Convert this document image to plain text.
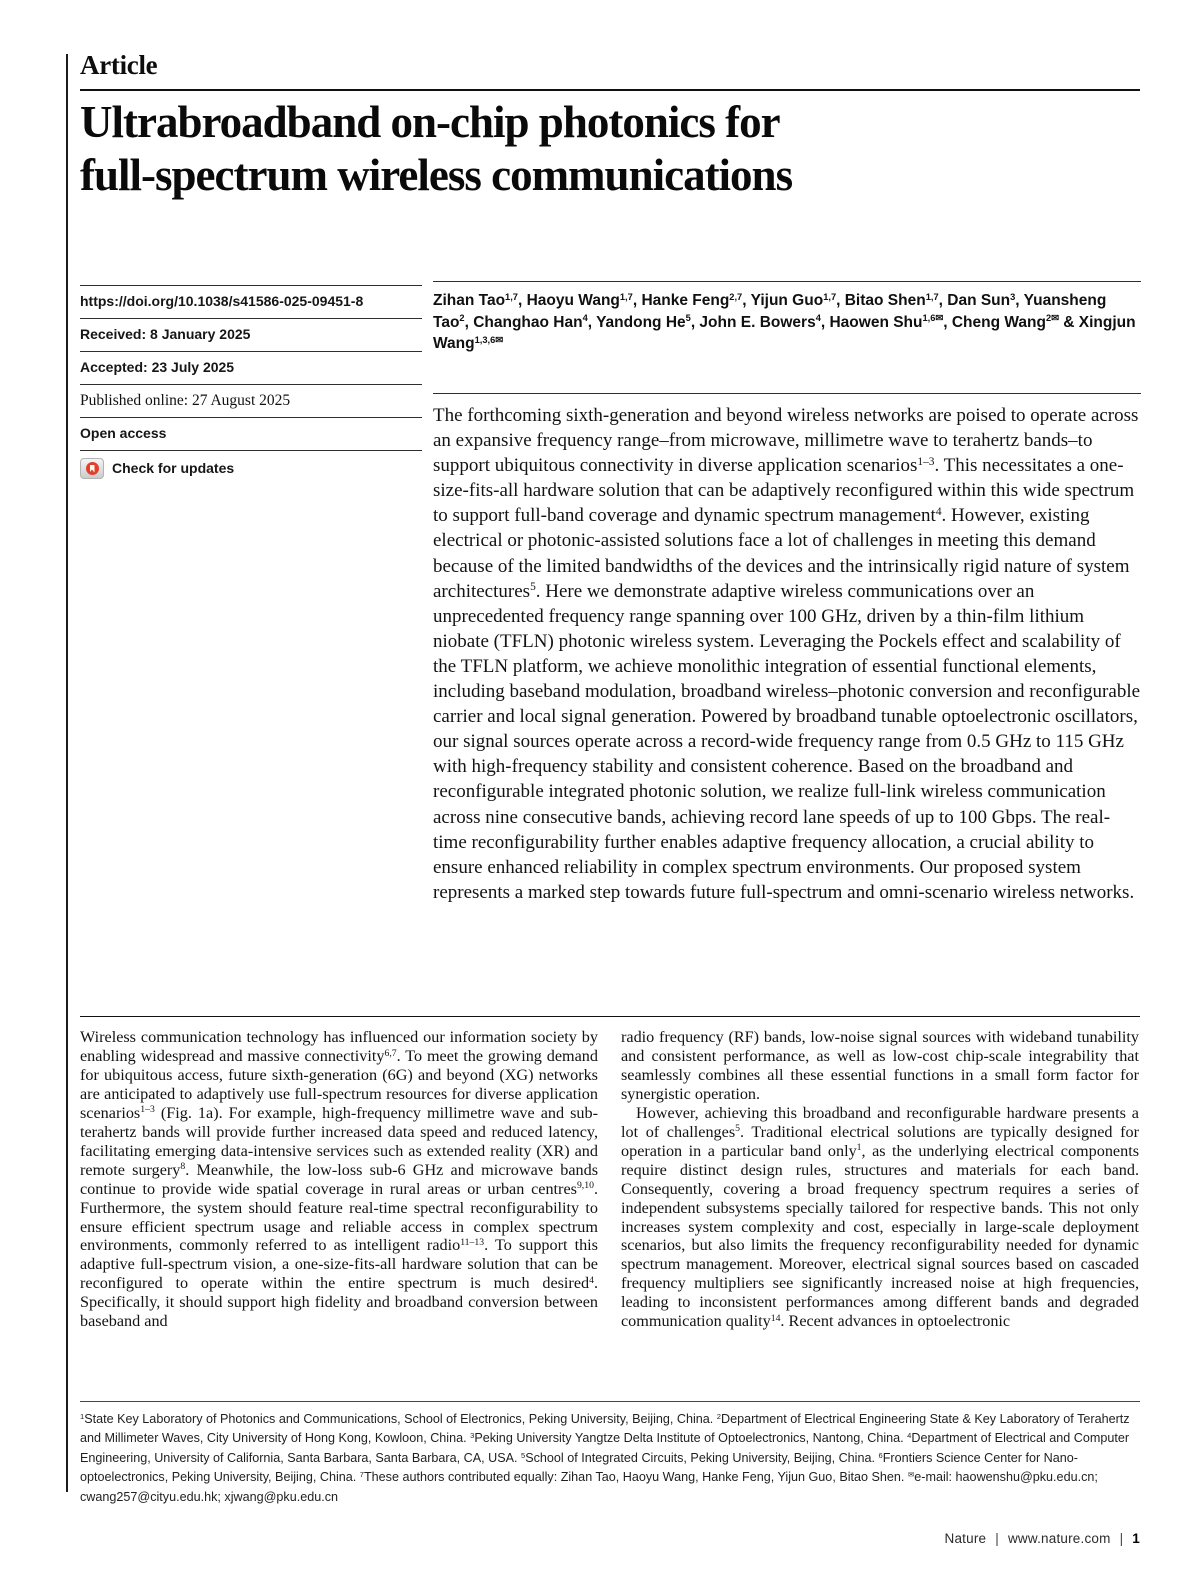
Article
Ultrabroadband on-chip photonics for
full-spectrum wireless communications
https://doi.org/10.1038/s41586-025-09451-8
Received: 8 January 2025
Accepted: 23 July 2025
Published online: 27 August 2025
Open access
Check for updates
Zihan Tao$^{1,7}$, Haoyu Wang$^{1,7}$, Hanke Feng$^{2,7}$, Yijun Guo$^{1,7}$, Bitao Shen$^{1,7}$, Dan Sun$^3$, Yuansheng Tao$^2$, Changhao Han$^4$, Yandong He$^5$, John E. Bowers$^4$, Haowen Shu$^{1,6✉}$, Cheng Wang$^{2✉}$ & Xingjun Wang$^{1,3,6✉}$
The forthcoming sixth-generation and beyond wireless networks are poised to operate across an expansive frequency range–from microwave, millimetre wave to terahertz bands–to support ubiquitous connectivity in diverse application scenarios$^{1-3}$. This necessitates a one-size-fits-all hardware solution that can be adaptively reconfigured within this wide spectrum to support full-band coverage and dynamic spectrum management$^4$. However, existing electrical or photonic-assisted solutions face a lot of challenges in meeting this demand because of the limited bandwidths of the devices and the intrinsically rigid nature of system architectures$^5$. Here we demonstrate adaptive wireless communications over an unprecedented frequency range spanning over 100 GHz, driven by a thin-film lithium niobate (TFLN) photonic wireless system. Leveraging the Pockels effect and scalability of the TFLN platform, we achieve monolithic integration of essential functional elements, including baseband modulation, broadband wireless–photonic conversion and reconfigurable carrier and local signal generation. Powered by broadband tunable optoelectronic oscillators, our signal sources operate across a record-wide frequency range from 0.5 GHz to 115 GHz with high-frequency stability and consistent coherence. Based on the broadband and reconfigurable integrated photonic solution, we realize full-link wireless communication across nine consecutive bands, achieving record lane speeds of up to 100 Gbps. The real-time reconfigurability further enables adaptive frequency allocation, a crucial ability to ensure enhanced reliability in complex spectrum environments. Our proposed system represents a marked step towards future full-spectrum and omni-scenario wireless networks.

Wireless communication technology has influenced our information society by enabling widespread and massive connectivity$^{6,7}$. To meet the growing demand for ubiquitous access, future sixth-generation (6G) and beyond (XG) networks are anticipated to adaptively use full-spectrum resources for diverse application scenarios$^{1-3}$ (Fig. 1a). For example, high-frequency millimetre wave and sub-terahertz bands will provide further increased data speed and reduced latency, facilitating emerging data-intensive services such as extended reality (XR) and remote surgery$^8$. Meanwhile, the low-loss sub-6 GHz and microwave bands continue to provide wide spatial coverage in rural areas or urban centres$^{9,10}$. Furthermore, the system should feature real-time spectral reconfigurability to ensure efficient spectrum usage and reliable access in complex spectrum environments, commonly referred to as intelligent radio$^{11-13}$. To support this adaptive full-spectrum vision, a one-size-fits-all hardware solution that can be reconfigured to operate within the entire spectrum is much desired$^4$. Specifically, it should support high fidelity and broadband conversion between baseband and

radio frequency (RF) bands, low-noise signal sources with wideband tunability and consistent performance, as well as low-cost chip-scale integrability that seamlessly combines all these essential functions in a small form factor for synergistic operation.

However, achieving this broadband and reconfigurable hardware presents a lot of challenges$^5$. Traditional electrical solutions are typically designed for operation in a particular band only$^1$, as the underlying electrical components require distinct design rules, structures and materials for each band. Consequently, covering a broad frequency spectrum requires a series of independent subsystems specially tailored for respective bands. This not only increases system complexity and cost, especially in large-scale deployment scenarios, but also limits the frequency reconfigurability needed for dynamic spectrum management. Moreover, electrical signal sources based on cascaded frequency multipliers see significantly increased noise at high frequencies, leading to inconsistent performances among different bands and degraded communication quality$^{14}$. Recent advances in optoelectronic

$^1$State Key Laboratory of Photonics and Communications, School of Electronics, Peking University, Beijing, China. $^2$Department of Electrical Engineering State & Key Laboratory of Terahertz and Millimeter Waves, City University of Hong Kong, Kowloon, China. $^3$Peking University Yangtze Delta Institute of Optoelectronics, Nantong, China. $^4$Department of Electrical and Computer Engineering, University of California, Santa Barbara, Santa Barbara, CA, USA. $^5$School of Integrated Circuits, Peking University, Beijing, China. $^6$Frontiers Science Center for Nano-optoelectronics, Peking University, Beijing, China. $^7$These authors contributed equally: Zihan Tao, Haoyu Wang, Hanke Feng, Yijun Guo, Bitao Shen. ✉e-mail: haowenshu@pku.edu.cn; cwang257@cityu.edu.hk; xjwang@pku.edu.cn
Nature | www.nature.com | 1
